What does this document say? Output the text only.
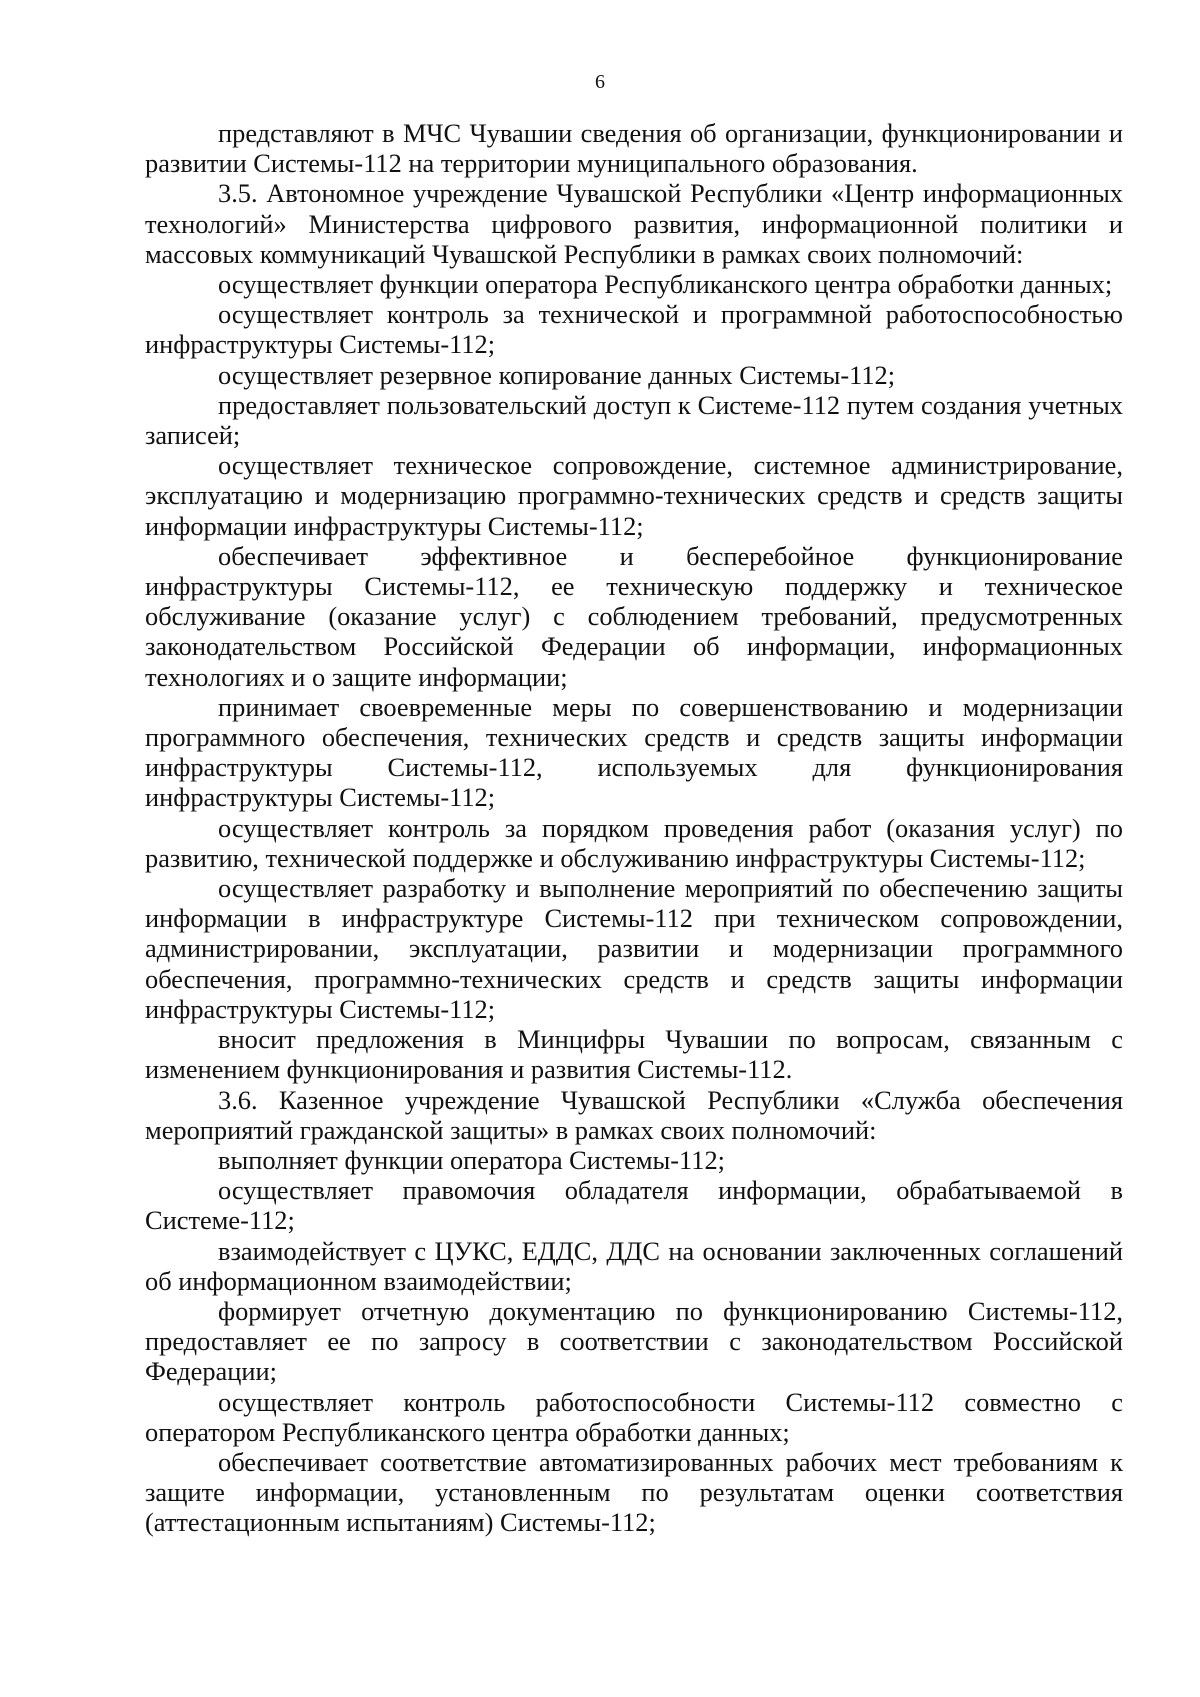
6

представляют в МЧС Чувашии сведения об организации, функционировании и развитии Системы-112 на территории муниципального образования.

3.5. Автономное учреждение Чувашской Республики «Центр информационных технологий» Министерства цифрового развития, информационной политики и массовых коммуникаций Чувашской Республики в рамках своих полномочий:

осуществляет функции оператора Республиканского центра обработки данных;

осуществляет контроль за технической и программной работоспособностью инфраструктуры Системы-112;

осуществляет резервное копирование данных Системы-112;

предоставляет пользовательский доступ к Системе-112 путем создания учетных записей;

осуществляет техническое сопровождение, системное администрирование, эксплуатацию и модернизацию программно-технических средств и средств защиты информации инфраструктуры Системы-112;

обеспечивает эффективное и бесперебойное функционирование инфраструктуры Системы-112, ее техническую поддержку и техническое обслуживание (оказание услуг) с соблюдением требований, предусмотренных законодательством Российской Федерации об информации, информационных технологиях и о защите информации;

принимает своевременные меры по совершенствованию и модернизации программного обеспечения, технических средств и средств защиты информации инфраструктуры Системы-112, используемых для функционирования инфраструктуры Системы-112;

осуществляет контроль за порядком проведения работ (оказания услуг) по развитию, технической поддержке и обслуживанию инфраструктуры Системы-112;

осуществляет разработку и выполнение мероприятий по обеспечению защиты информации в инфраструктуре Системы-112 при техническом сопровождении, администрировании, эксплуатации, развитии и модернизации программного обеспечения, программно-технических средств и средств защиты информации инфраструктуры Системы-112;

вносит предложения в Минцифры Чувашии по вопросам, связанным с изменением функционирования и развития Системы-112.

3.6. Казенное учреждение Чувашской Республики «Служба обеспечения мероприятий гражданской защиты» в рамках своих полномочий:

выполняет функции оператора Системы-112;

осуществляет правомочия обладателя информации, обрабатываемой в Системе-112;

взаимодействует с ЦУКС, ЕДДС, ДДС на основании заключенных соглашений об информационном взаимодействии;

формирует отчетную документацию по функционированию Системы-112, предоставляет ее по запросу в соответствии с законодательством Российской Федерации;

осуществляет контроль работоспособности Системы-112 совместно с оператором Республиканского центра обработки данных;

обеспечивает соответствие автоматизированных рабочих мест требованиям к защите информации, установленным по результатам оценки соответствия (аттестационным испытаниям) Системы-112;
